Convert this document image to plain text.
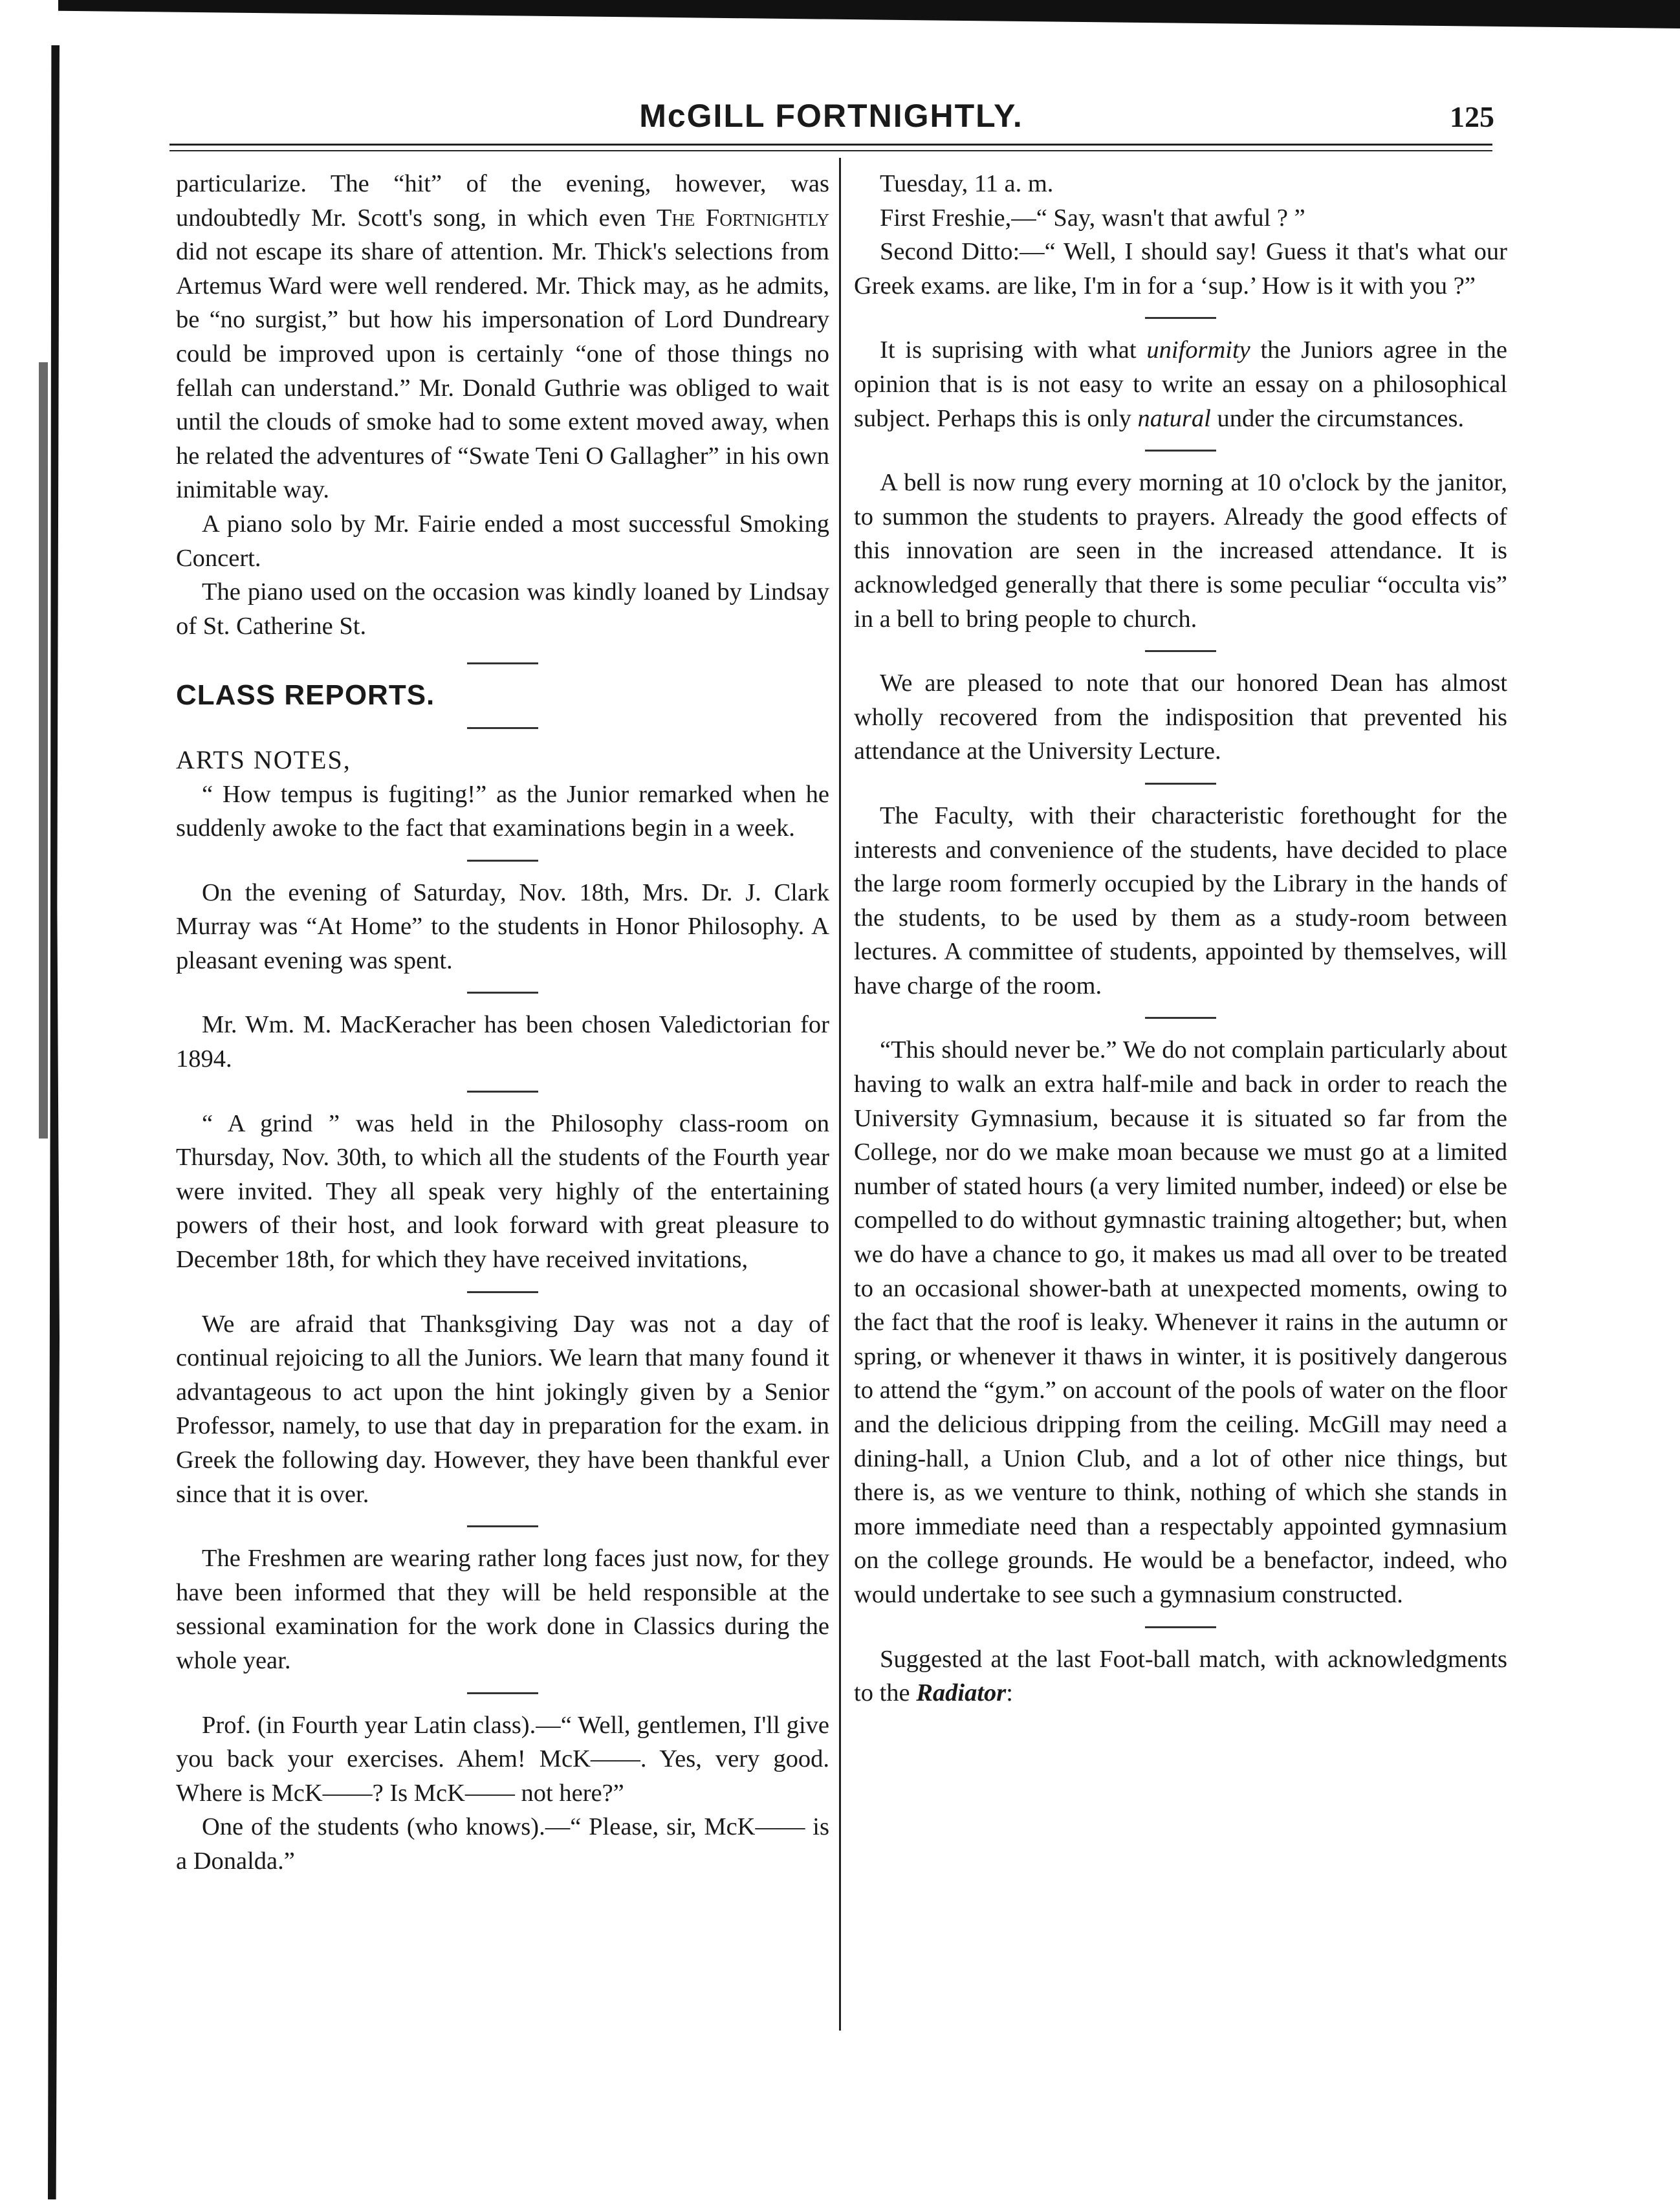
McGILL FORTNIGHTLY.	125

particularize. The “hit” of the evening, however, was undoubtedly Mr. Scott's song, in which even The Fortnightly did not escape its share of attention. Mr. Thick's selections from Artemus Ward were well rendered. Mr. Thick may, as he admits, be “no surgist,” but how his impersonation of Lord Dundreary could be improved upon is certainly “one of those things no fellah can understand.” Mr. Donald Guthrie was obliged to wait until the clouds of smoke had to some extent moved away, when he related the adventures of “Swate Teni O Gallagher” in his own inimitable way.

A piano solo by Mr. Fairie ended a most successful Smoking Concert.

The piano used on the occasion was kindly loaned by Lindsay of St. Catherine St.

CLASS REPORTS.

ARTS NOTES,

“ How tempus is fugiting!” as the Junior remarked when he suddenly awoke to the fact that examinations begin in a week.

On the evening of Saturday, Nov. 18th, Mrs. Dr. J. Clark Murray was “At Home” to the students in Honor Philosophy. A pleasant evening was spent.

Mr. Wm. M. MacKeracher has been chosen Valedictorian for 1894.

“ A grind ” was held in the Philosophy class-room on Thursday, Nov. 30th, to which all the students of the Fourth year were invited. They all speak very highly of the entertaining powers of their host, and look forward with great pleasure to December 18th, for which they have received invitations,

We are afraid that Thanksgiving Day was not a day of continual rejoicing to all the Juniors. We learn that many found it advantageous to act upon the hint jokingly given by a Senior Professor, namely, to use that day in preparation for the exam. in Greek the following day. However, they have been thankful ever since that it is over.

The Freshmen are wearing rather long faces just now, for they have been informed that they will be held responsible at the sessional examination for the work done in Classics during the whole year.

Prof. (in Fourth year Latin class).—“ Well, gentlemen, I'll give you back your exercises. Ahem! McK——. Yes, very good. Where is McK——? Is McK—— not here?”

One of the students (who knows).—“ Please, sir, McK—— is a Donalda.”

Tuesday, 11 a. m.

First Freshie,—“ Say, wasn't that awful ? ”

Second Ditto:—“ Well, I should say! Guess it that's what our Greek exams. are like, I'm in for a ‘sup.’ How is it with you ?”

It is suprising with what uniformity the Juniors agree in the opinion that is is not easy to write an essay on a philosophical subject. Perhaps this is only natural under the circumstances.

A bell is now rung every morning at 10 o'clock by the janitor, to summon the students to prayers. Already the good effects of this innovation are seen in the increased attendance. It is acknowledged generally that there is some peculiar “occulta vis” in a bell to bring people to church.

We are pleased to note that our honored Dean has almost wholly recovered from the indisposition that prevented his attendance at the University Lecture.

The Faculty, with their characteristic forethought for the interests and convenience of the students, have decided to place the large room formerly occupied by the Library in the hands of the students, to be used by them as a study-room between lectures. A committee of students, appointed by themselves, will have charge of the room.

“This should never be.” We do not complain particularly about having to walk an extra half-mile and back in order to reach the University Gymnasium, because it is situated so far from the College, nor do we make moan because we must go at a limited number of stated hours (a very limited number, indeed) or else be compelled to do without gymnastic training altogether; but, when we do have a chance to go, it makes us mad all over to be treated to an occasional shower-bath at unexpected moments, owing to the fact that the roof is leaky. Whenever it rains in the autumn or spring, or whenever it thaws in winter, it is positively dangerous to attend the “gym.” on account of the pools of water on the floor and the delicious dripping from the ceiling. McGill may need a dining-hall, a Union Club, and a lot of other nice things, but there is, as we venture to think, nothing of which she stands in more immediate need than a respectably appointed gymnasium on the college grounds. He would be a benefactor, indeed, who would undertake to see such a gymnasium constructed.

Suggested at the last Foot-ball match, with acknowledgments to the Radiator:
